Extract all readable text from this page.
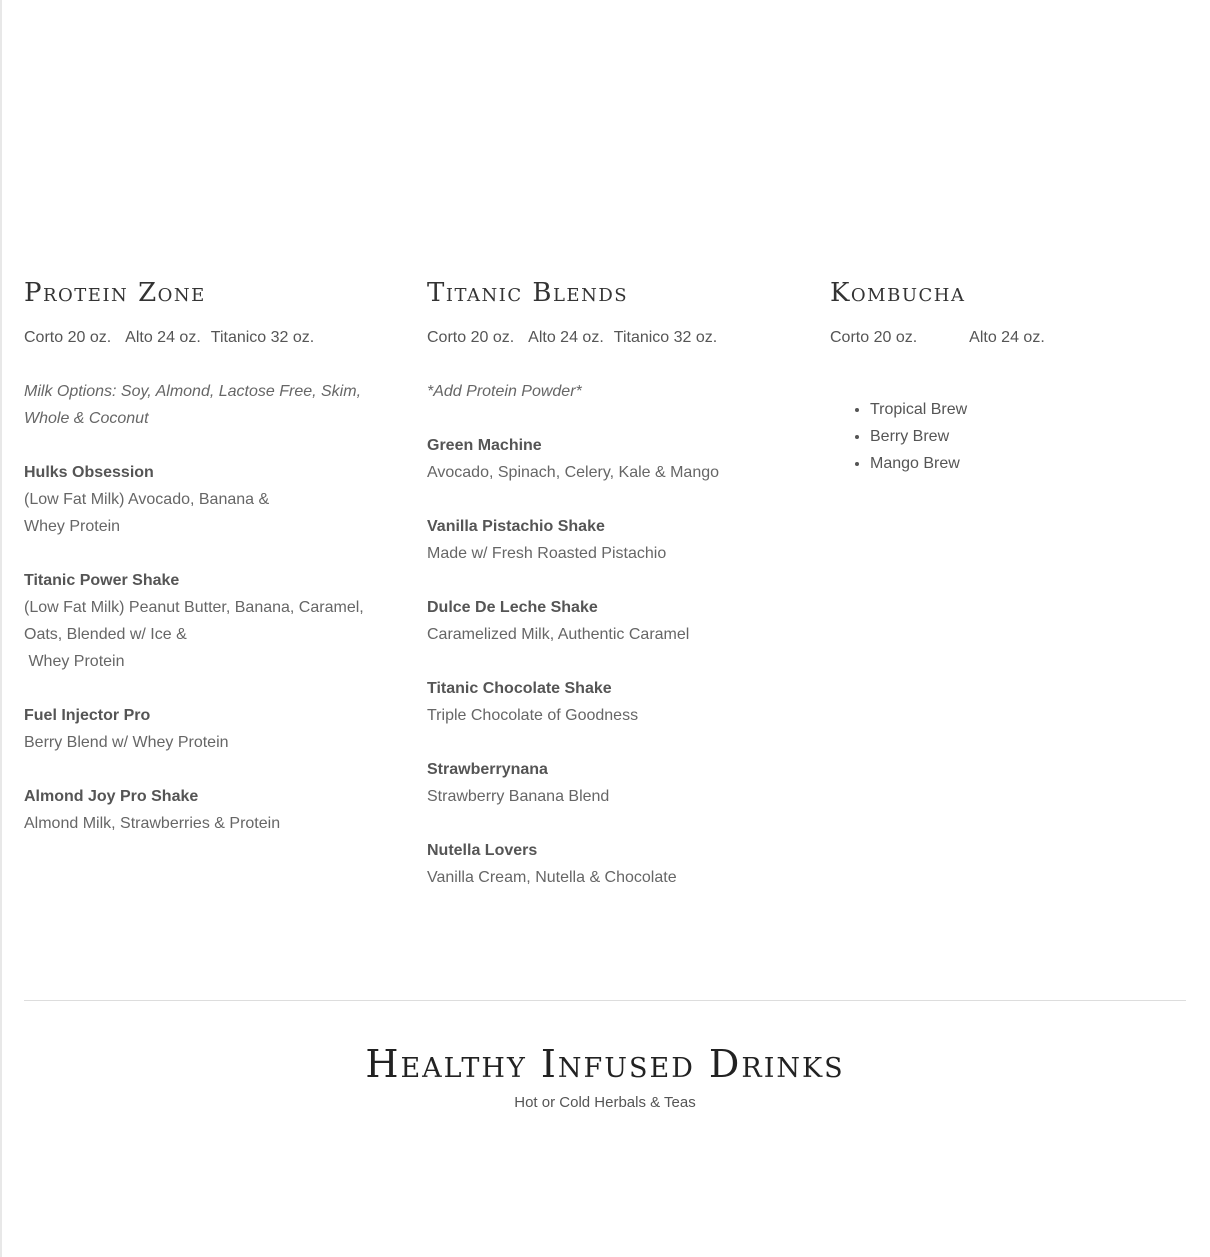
Protein Zone
Corto 20 oz. Alto 24 oz. Titanico 32 oz.
Milk Options: Soy, Almond, Lactose Free, Skim,
Whole & Coconut
Hulks Obsession
(Low Fat Milk) Avocado, Banana &
Whey Protein
Titanic Power Shake
(Low Fat Milk) Peanut Butter, Banana, Caramel,
Oats, Blended w/ Ice &
Whey Protein
Fuel Injector Pro
Berry Blend w/ Whey Protein
Almond Joy Pro Shake
Almond Milk, Strawberries & Protein
Titanic Blends
Corto 20 oz. Alto 24 oz. Titanico 32 oz.
*Add Protein Powder*
Green Machine
Avocado, Spinach, Celery, Kale & Mango
Vanilla Pistachio Shake
Made w/ Fresh Roasted Pistachio
Dulce De Leche Shake
Caramelized Milk, Authentic Caramel
Titanic Chocolate Shake
Triple Chocolate of Goodness
Strawberrynana
Strawberry Banana Blend
Nutella Lovers
Vanilla Cream, Nutella & Chocolate
Kombucha
Corto 20 oz.	Alto 24 oz.
• Tropical Brew
• Berry Brew
• Mango Brew
Healthy Infused Drinks
Hot or Cold Herbals & Teas
